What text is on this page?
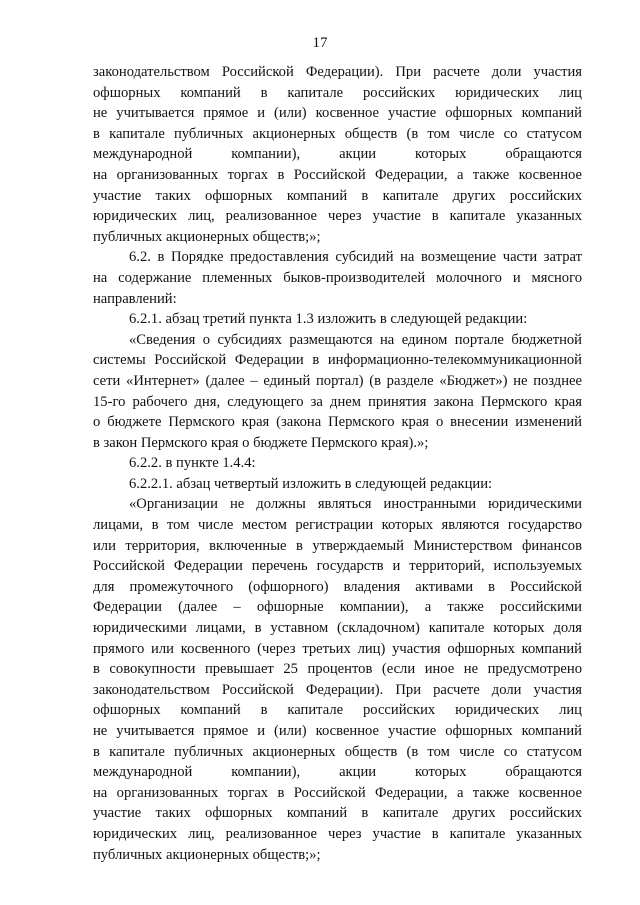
17
законодательством Российской Федерации). При расчете доли участия
офшорных компаний в капитале российских юридических лиц
не учитывается прямое и (или) косвенное участие офшорных компаний
в капитале публичных акционерных обществ (в том числе со статусом
международной компании), акции которых обращаются
на организованных торгах в Российской Федерации, а также косвенное
участие таких офшорных компаний в капитале других российских
юридических лиц, реализованное через участие в капитале указанных
публичных акционерных обществ;»;
6.2. в Порядке предоставления субсидий на возмещение части затрат
на содержание племенных быков-производителей молочного и мясного
направлений:
6.2.1. абзац третий пункта 1.3 изложить в следующей редакции:
«Сведения о субсидиях размещаются на едином портале бюджетной
системы Российской Федерации в информационно-телекоммуникационной
сети «Интернет» (далее – единый портал) (в разделе «Бюджет») не позднее
15-го рабочего дня, следующего за днем принятия закона Пермского края
о бюджете Пермского края (закона Пермского края о внесении изменений
в закон Пермского края о бюджете Пермского края).»;
6.2.2. в пункте 1.4.4:
6.2.2.1. абзац четвертый изложить в следующей редакции:
«Организации не должны являться иностранными юридическими
лицами, в том числе местом регистрации которых являются государство
или территория, включенные в утверждаемый Министерством финансов
Российской Федерации перечень государств и территорий, используемых
для промежуточного (офшорного) владения активами в Российской
Федерации (далее – офшорные компании), а также российскими
юридическими лицами, в уставном (складочном) капитале которых доля
прямого или косвенного (через третьих лиц) участия офшорных компаний
в совокупности превышает 25 процентов (если иное не предусмотрено
законодательством Российской Федерации). При расчете доли участия
офшорных компаний в капитале российских юридических лиц
не учитывается прямое и (или) косвенное участие офшорных компаний
в капитале публичных акционерных обществ (в том числе со статусом
международной компании), акции которых обращаются
на организованных торгах в Российской Федерации, а также косвенное
участие таких офшорных компаний в капитале других российских
юридических лиц, реализованное через участие в капитале указанных
публичных акционерных обществ;»;
